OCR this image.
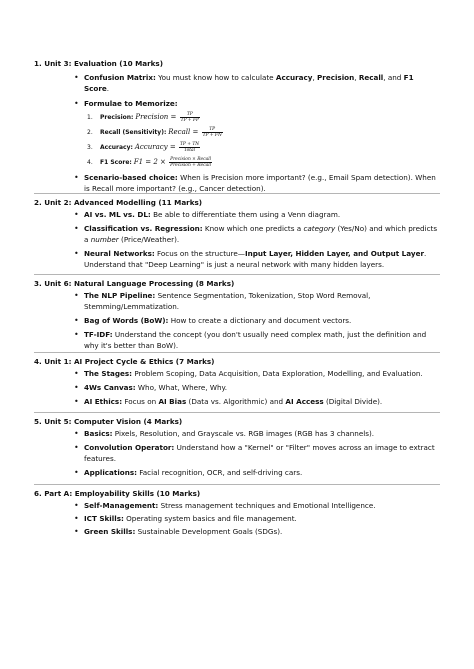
1. Unit 3: Evaluation (10 Marks)
• Confusion Matrix: You must know how to calculate Accuracy, Precision, Recall, and F1 Score.
• Formulae to Memorize:
1. Precision: Precision = $\frac{TP}{TP + FP}$
2. Recall (Sensitivity): Recall = $\frac{TP}{TP + FN}$
3. Accuracy: Accuracy = $\frac{TP + TN}{\text{Total}}$
4. F1 Score: $F1 = 2 \times \frac{\text{Precision × Recall}}{\text{Precision + Recall}}$
• Scenario-based choice: When is Precision more important? (e.g., Email Spam detection). When is Recall more important? (e.g., Cancer detection).
2. Unit 2: Advanced Modelling (11 Marks)
• AI vs. ML vs. DL: Be able to differentiate them using a Venn diagram.
• Classification vs. Regression: Know which one predicts a category (Yes/No) and which predicts a number (Price/Weather).
• Neural Networks: Focus on the structure—Input Layer, Hidden Layer, and Output Layer. Understand that "Deep Learning" is just a neural network with many hidden layers.
3. Unit 6: Natural Language Processing (8 Marks)
• The NLP Pipeline: Sentence Segmentation, Tokenization, Stop Word Removal, Stemming/Lemmatization.
• Bag of Words (BoW): How to create a dictionary and document vectors.
• TF-IDF: Understand the concept (you don't usually need complex math, just the definition and why it's better than BoW).
4. Unit 1: AI Project Cycle & Ethics (7 Marks)
• The Stages: Problem Scoping, Data Acquisition, Data Exploration, Modelling, and Evaluation.
• 4Ws Canvas: Who, What, Where, Why.
• AI Ethics: Focus on AI Bias (Data vs. Algorithmic) and AI Access (Digital Divide).
5. Unit 5: Computer Vision (4 Marks)
• Basics: Pixels, Resolution, and Grayscale vs. RGB images (RGB has 3 channels).
• Convolution Operator: Understand how a "Kernel" or "Filter" moves across an image to extract features.
• Applications: Facial recognition, OCR, and self-driving cars.
6. Part A: Employability Skills (10 Marks)
• Self-Management: Stress management techniques and Emotional Intelligence.
• ICT Skills: Operating system basics and file management.
• Green Skills: Sustainable Development Goals (SDGs).
